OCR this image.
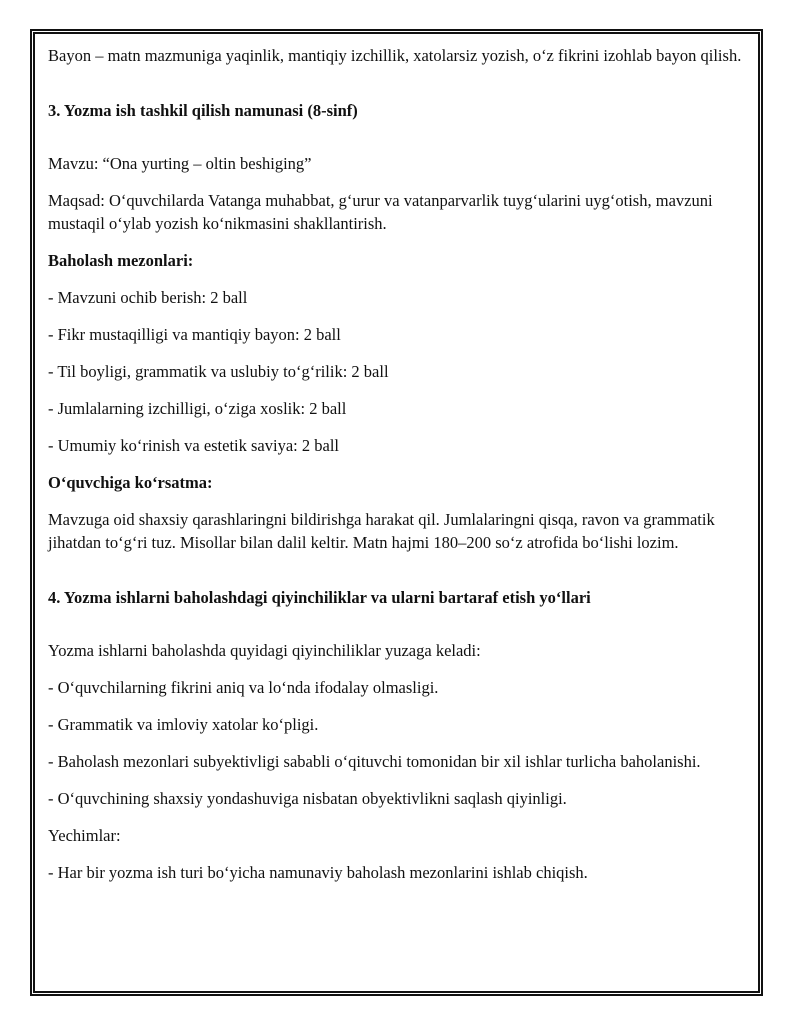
Bayon – matn mazmuniga yaqinlik, mantiqiy izchillik, xatolarsiz yozish, o‘z fikrini izohlab bayon qilish.

3. Yozma ish tashkil qilish namunasi (8-sinf)

Mavzu: “Ona yurting – oltin beshiging”

Maqsad: O‘quvchilarda Vatanga muhabbat, g‘urur va vatanparvarlik tuyg‘ularini uyg‘otish, mavzuni mustaqil o‘ylab yozish ko‘nikmasini shakllantirish.

Baholash mezonlari:

- Mavzuni ochib berish: 2 ball

- Fikr mustaqilligi va mantiqiy bayon: 2 ball

- Til boyligi, grammatik va uslubiy to‘g‘rilik: 2 ball

- Jumlalarning izchilligi, o‘ziga xoslik: 2 ball

- Umumiy ko‘rinish va estetik saviya: 2 ball

O‘quvchiga ko‘rsatma:

Mavzuga oid shaxsiy qarashlaringni bildirishga harakat qil. Jumlalaringni qisqa, ravon va grammatik jihatdan to‘g‘ri tuz. Misollar bilan dalil keltir. Matn hajmi 180–200 so‘z atrofida bo‘lishi lozim.

4. Yozma ishlarni baholashdagi qiyinchiliklar va ularni bartaraf etish yo‘llari

Yozma ishlarni baholashda quyidagi qiyinchiliklar yuzaga keladi:

- O‘quvchilarning fikrini aniq va lo‘nda ifodalay olmasligi.

- Grammatik va imloviy xatolar ko‘pligi.

- Baholash mezonlari subyektivligi sababli o‘qituvchi tomonidan bir xil ishlar turlicha baholanishi.

- O‘quvchining shaxsiy yondashuviga nisbatan obyektivlikni saqlash qiyinligi.

Yechimlar:

- Har bir yozma ish turi bo‘yicha namunaviy baholash mezonlarini ishlab chiqish.
